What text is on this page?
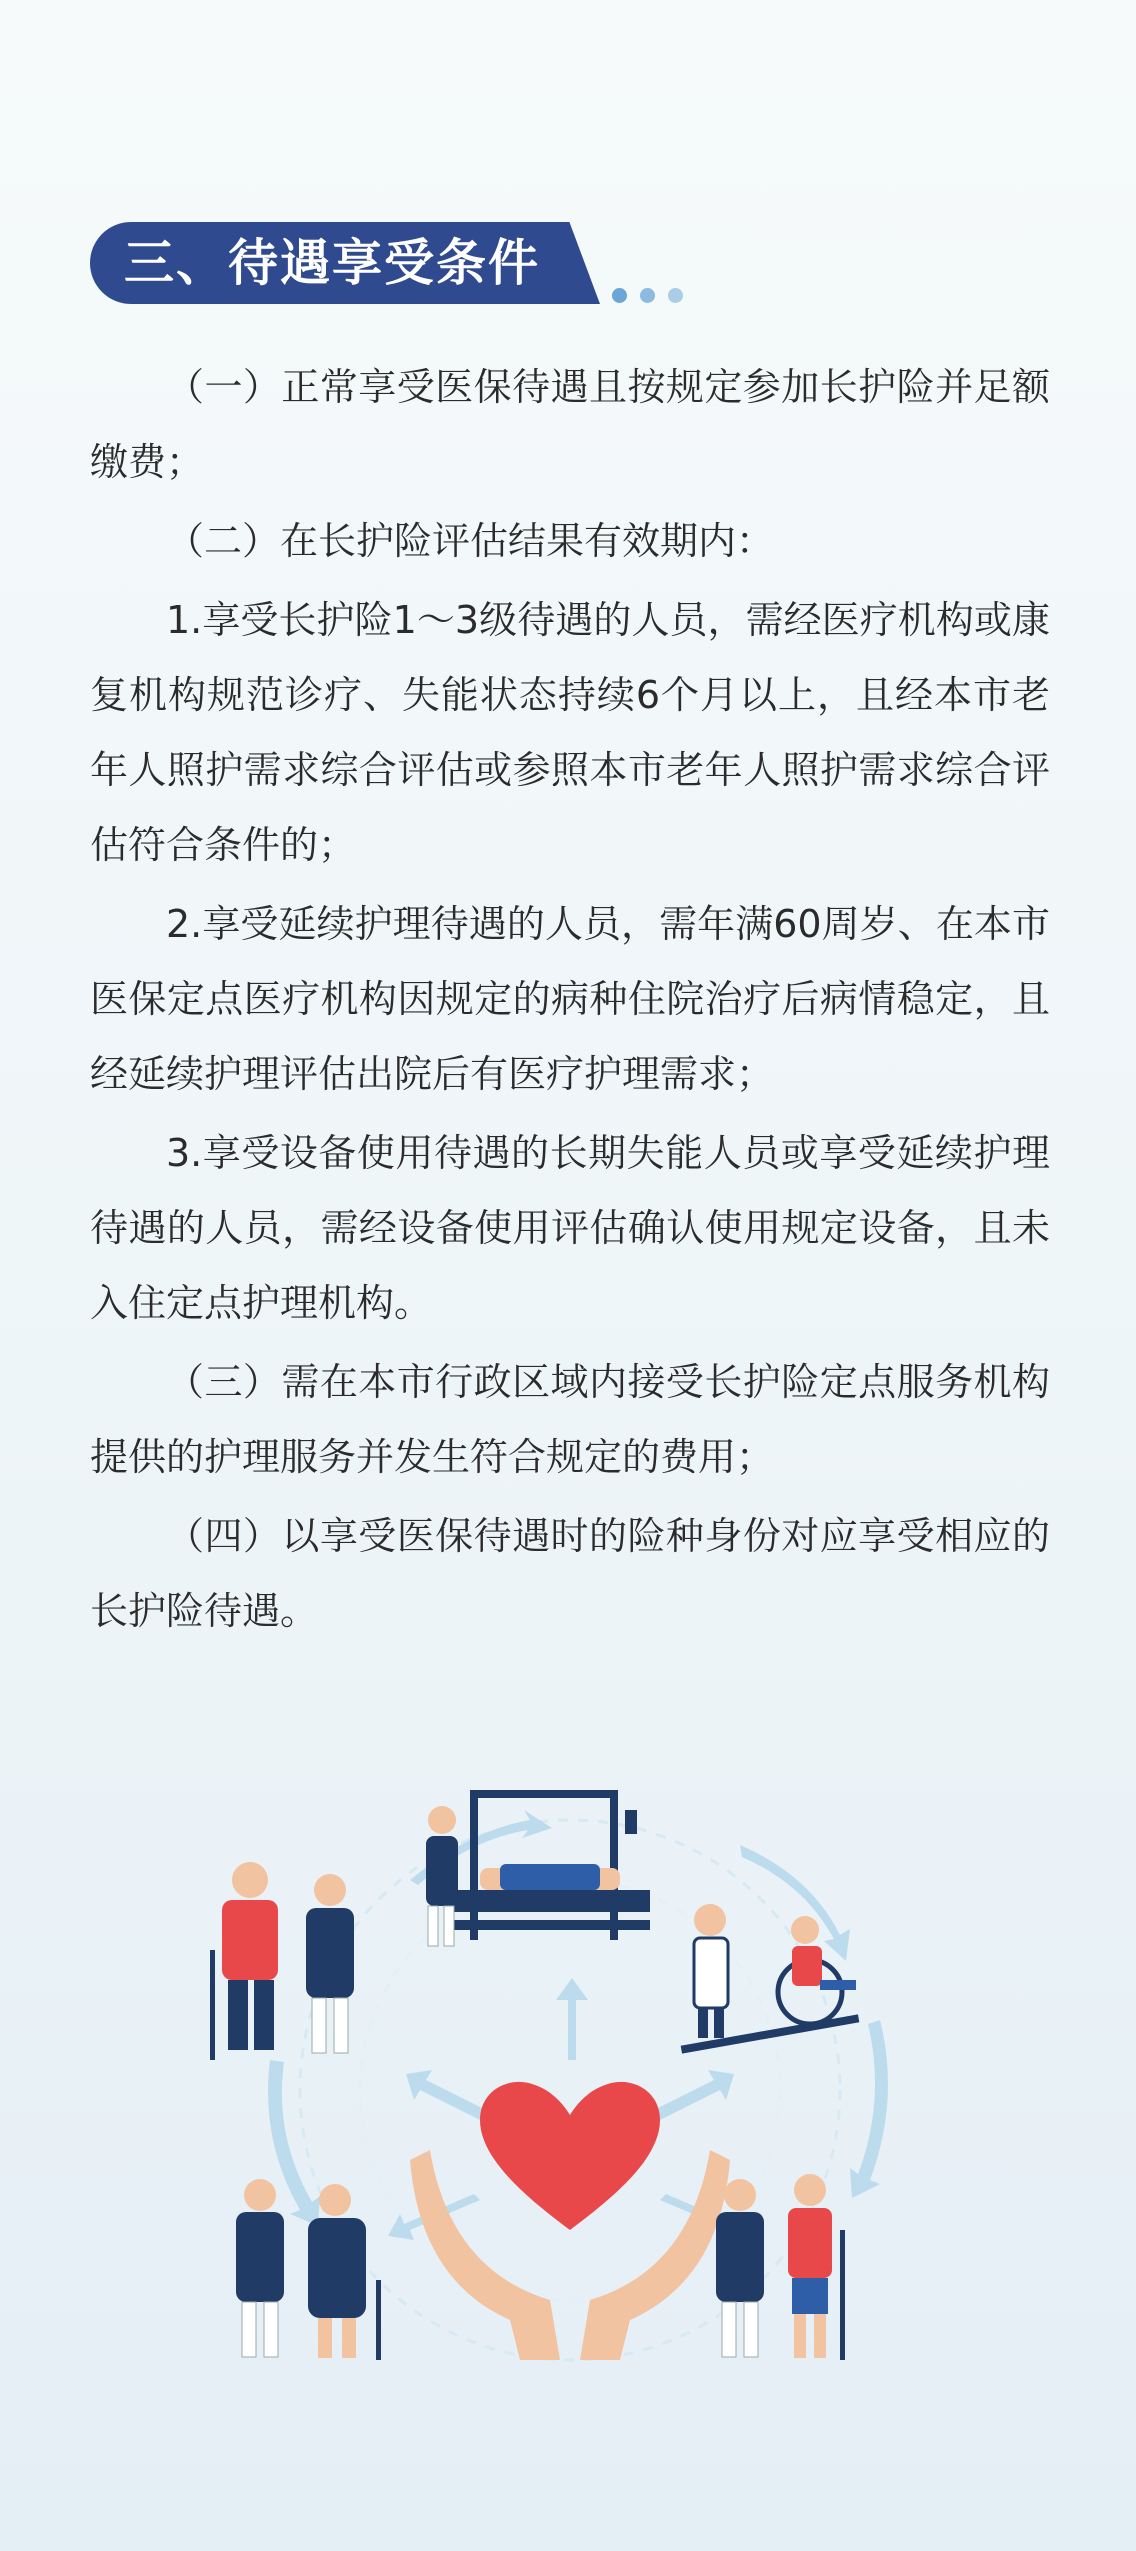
三、待遇享受条件

（一）正常享受医保待遇且按规定参加长护险并足额缴费；

（二）在长护险评估结果有效期内：

1.享受长护险1～3级待遇的人员，需经医疗机构或康复机构规范诊疗、失能状态持续6个月以上，且经本市老年人照护需求综合评估或参照本市老年人照护需求综合评估符合条件的；

2.享受延续护理待遇的人员，需年满60周岁、在本市医保定点医疗机构因规定的病种住院治疗后病情稳定，且经延续护理评估出院后有医疗护理需求；

3.享受设备使用待遇的长期失能人员或享受延续护理待遇的人员，需经设备使用评估确认使用规定设备，且未入住定点护理机构。

（三）需在本市行政区域内接受长护险定点服务机构提供的护理服务并发生符合规定的费用；

（四）以享受医保待遇时的险种身份对应享受相应的长护险待遇。
